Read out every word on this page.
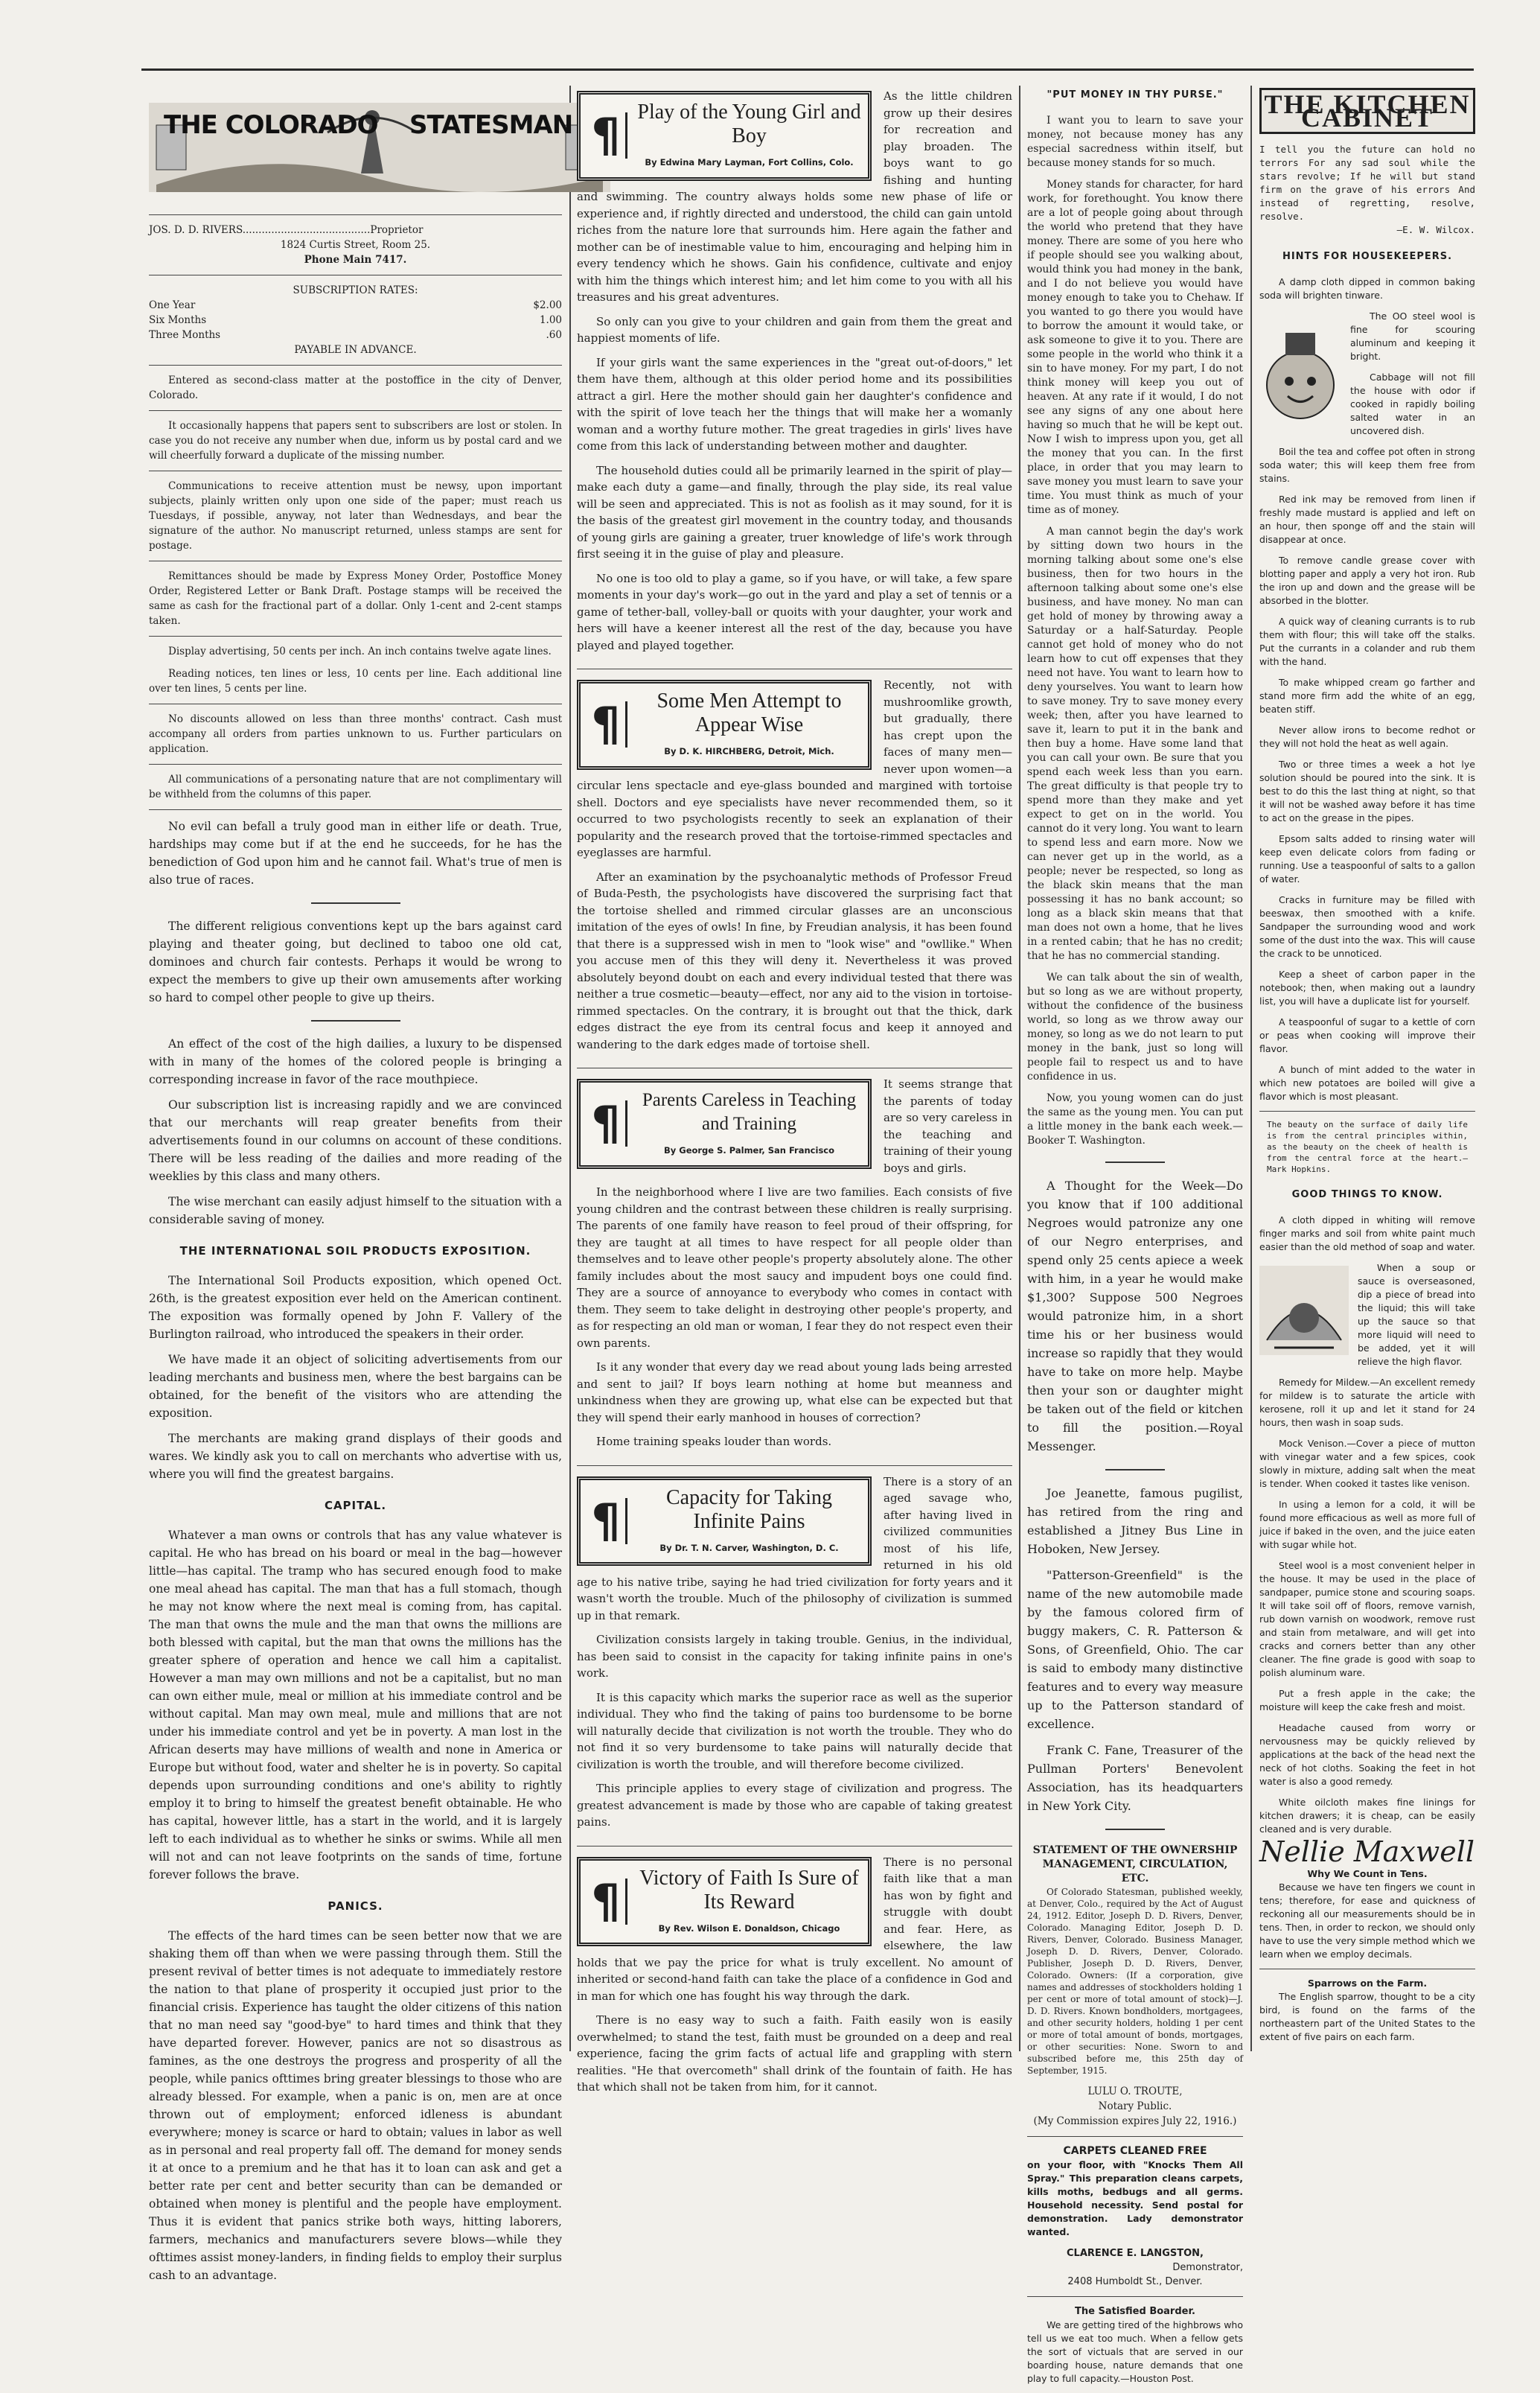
THE COLORADO STATESMAN
JOS. D. D. RIVERS........................................Proprietor
1824 Curtis Street, Room 25.
Phone Main 7417.
SUBSCRIPTION RATES:
One Year	$2.00
Six Months	1.00
Three Months	.60
PAYABLE IN ADVANCE.

Entered as second-class matter at the postoffice in the city of Denver, Colorado.

It occasionally happens that papers sent to subscribers are lost or stolen. In case you do not receive any number when due, inform us by postal card and we will cheerfully forward a duplicate of the missing number.

Communications to receive attention must be newsy, upon important subjects, plainly written only upon one side of the paper; must reach us Tuesdays, if possible, anyway, not later than Wednesdays, and bear the signature of the author. No manuscript returned, unless stamps are sent for postage.

Remittances should be made by Express Money Order, Postoffice Money Order, Registered Letter or Bank Draft. Postage stamps will be received the same as cash for the fractional part of a dollar. Only 1-cent and 2-cent stamps taken.

Display advertising, 50 cents per inch. An inch contains twelve agate lines.

Reading notices, ten lines or less, 10 cents per line. Each additional line over ten lines, 5 cents per line.

No discounts allowed on less than three months' contract. Cash must accompany all orders from parties unknown to us. Further particulars on application.

All communications of a personating nature that are not complimentary will be withheld from the columns of this paper.

No evil can befall a truly good man in either life or death. True, hardships may come but if at the end he succeeds, for he has the benediction of God upon him and he cannot fail. What's true of men is also true of races.

The different religious conventions kept up the bars against card playing and theater going, but declined to taboo one old cat, dominoes and church fair contests. Perhaps it would be wrong to expect the members to give up their own amusements after working so hard to compel other people to give up theirs.

An effect of the cost of the high dailies, a luxury to be dispensed with in many of the homes of the colored people is bringing a corresponding increase in favor of the race mouthpiece.

Our subscription list is increasing rapidly and we are convinced that our merchants will reap greater benefits from their advertisements found in our columns on account of these conditions. There will be less reading of the dailies and more reading of the weeklies by this class and many others.

The wise merchant can easily adjust himself to the situation with a considerable saving of money.

THE INTERNATIONAL SOIL PRODUCTS EXPOSITION.

The International Soil Products exposition, which opened Oct. 26th, is the greatest exposition ever held on the American continent. The exposition was formally opened by John F. Vallery of the Burlington railroad, who introduced the speakers in their order.

We have made it an object of soliciting advertisements from our leading merchants and business men, where the best bargains can be obtained, for the benefit of the visitors who are attending the exposition.

The merchants are making grand displays of their goods and wares. We kindly ask you to call on merchants who advertise with us, where you will find the greatest bargains.

CAPITAL.

Whatever a man owns or controls that has any value whatever is capital. He who has bread on his board or meal in the bag—however little—has capital. The tramp who has secured enough food to make one meal ahead has capital. The man that has a full stomach, though he may not know where the next meal is coming from, has capital. The man that owns the mule and the man that owns the millions are both blessed with capital, but the man that owns the millions has the greater sphere of operation and hence we call him a capitalist. However a man may own millions and not be a capitalist, but no man can own either mule, meal or million at his immediate control and be without capital. Man may own meal, mule and millions that are not under his immediate control and yet be in poverty. A man lost in the African deserts may have millions of wealth and none in America or Europe but without food, water and shelter he is in poverty. So capital depends upon surrounding conditions and one's ability to rightly employ it to bring to himself the greatest benefit obtainable. He who has capital, however little, has a start in the world, and it is largely left to each individual as to whether he sinks or swims. While all men will not and can not leave footprints on the sands of time, fortune forever follows the brave.

PANICS.

The effects of the hard times can be seen better now that we are shaking them off than when we were passing through them. Still the present revival of better times is not adequate to immediately restore the nation to that plane of prosperity it occupied just prior to the financial crisis. Experience has taught the older citizens of this nation that no man need say "good-bye" to hard times and think that they have departed forever. However, panics are not so disastrous as famines, as the one destroys the progress and prosperity of all the people, while panics ofttimes bring greater blessings to those who are already blessed. For example, when a panic is on, men are at once thrown out of employment; enforced idleness is abundant everywhere; money is scarce or hard to obtain; values in labor as well as in personal and real property fall off. The demand for money sends it at once to a premium and he that has it to loan can ask and get a better rate per cent and better security than can be demanded or obtained when money is plentiful and the people have employment. Thus it is evident that panics strike both ways, hitting laborers, farmers, mechanics and manufacturers severe blows—while they ofttimes assist money-landers, in finding fields to employ their surplus cash to an advantage.

¶ Play of the Young Girl and Boy
By Edwina Mary Layman, Fort Collins, Colo.

As the little children grow up their desires for recreation and play broaden. The boys want to go fishing and hunting and swimming. The country always holds some new phase of life or experience and, if rightly directed and understood, the child can gain untold riches from the nature lore that surrounds him. Here again the father and mother can be of inestimable value to him, encouraging and helping him in every tendency which he shows. Gain his confidence, cultivate and enjoy with him the things which interest him; and let him come to you with all his treasures and his great adventures.

So only can you give to your children and gain from them the great and happiest moments of life.

If your girls want the same experiences in the "great out-of-doors," let them have them, although at this older period home and its possibilities attract a girl. Here the mother should gain her daughter's confidence and with the spirit of love teach her the things that will make her a womanly woman and a worthy future mother. The great tragedies in girls' lives have come from this lack of understanding between mother and daughter.

The household duties could all be primarily learned in the spirit of play—make each duty a game—and finally, through the play side, its real value will be seen and appreciated. This is not as foolish as it may sound, for it is the basis of the greatest girl movement in the country today, and thousands of young girls are gaining a greater, truer knowledge of life's work through first seeing it in the guise of play and pleasure.

No one is too old to play a game, so if you have, or will take, a few spare moments in your day's work—go out in the yard and play a set of tennis or a game of tether-ball, volley-ball or quoits with your daughter, your work and hers will have a keener interest all the rest of the day, because you have played and played together.

¶	Some Men Attempt to Appear Wise
By D. K. HIRCHBERG, Detroit, Mich.

Recently, not with mushroomlike growth, but gradually, there has crept upon the faces of many men—never upon women—a circular lens spectacle and eye-glass bounded and margined with tortoise shell. Doctors and eye specialists have never recommended them, so it occurred to two psychologists recently to seek an explanation of their popularity and the research proved that the tortoise-rimmed spectacles and eyeglasses are harmful.

After an examination by the psychoanalytic methods of Professor Freud of Buda-Pesth, the psychologists have discovered the surprising fact that the tortoise shelled and rimmed circular glasses are an unconscious imitation of the eyes of owls! In fine, by Freudian analysis, it has been found that there is a suppressed wish in men to "look wise" and "owllike." When you accuse men of this they will deny it. Nevertheless it was proved absolutely beyond doubt on each and every individual tested that there was neither a true cosmetic—beauty—effect, nor any aid to the vision in tortoise-rimmed spectacles. On the contrary, it is brought out that the thick, dark edges distract the eye from its central focus and keep it annoyed and wandering to the dark edges made of tortoise shell.

¶	Parents Careless in Teaching and Training
By George S. Palmer, San Francisco

It seems strange that the parents of today are so very careless in the teaching and training of their young boys and girls.

In the neighborhood where I live are two families. Each consists of five young children and the contrast between these children is really surprising. The parents of one family have reason to feel proud of their offspring, for they are taught at all times to have respect for all people older than themselves and to leave other people's property absolutely alone. The other family includes about the most saucy and impudent boys one could find. They are a source of annoyance to everybody who comes in contact with them. They seem to take delight in destroying other people's property, and as for respecting an old man or woman, I fear they do not respect even their own parents.

Is it any wonder that every day we read about young lads being arrested and sent to jail? If boys learn nothing at home but meanness and unkindness when they are growing up, what else can be expected but that they will spend their early manhood in houses of correction?

Home training speaks louder than words.

¶	Capacity for Taking Infinite Pains
By Dr. T. N. Carver, Washington, D. C.

There is a story of an aged savage who, after having lived in civilized communities most of his life, returned in his old age to his native tribe, saying he had tried civilization for forty years and it wasn't worth the trouble. Much of the philosophy of civilization is summed up in that remark.

Civilization consists largely in taking trouble. Genius, in the individual, has been said to consist in the capacity for taking infinite pains in one's work.

It is this capacity which marks the superior race as well as the superior individual. They who find the taking of pains too burdensome to be borne will naturally decide that civilization is not worth the trouble. They who do not find it so very burdensome to take pains will naturally decide that civilization is worth the trouble, and will therefore become civilized.

This principle applies to every stage of civilization and progress. The greatest advancement is made by those who are capable of taking greatest pains.

¶ Victory of Faith Is Sure of Its Reward
By Rev. Wilson E. Donaldson, Chicago

There is no personal faith like that a man has won by fight and struggle with doubt and fear. Here, as elsewhere, the law holds that we pay the price for what is truly excellent. No amount of inherited or second-hand faith can take the place of a confidence in God and in man for which one has fought his way through the dark.

There is no easy way to such a faith. Faith easily won is easily overwhelmed; to stand the test, faith must be grounded on a deep and real experience, facing the grim facts of actual life and grappling with stern realities. "He that overcometh" shall drink of the fountain of faith. He has that which shall not be taken from him, for it cannot.

"PUT MONEY IN THY PURSE."

I want you to learn to save your money, not because money has any especial sacredness within itself, but because money stands for so much.

Money stands for character, for hard work, for forethought. You know there are a lot of people going about through the world who pretend that they have money. There are some of you here who if people should see you walking about, would think you had money in the bank, and I do not believe you would have money enough to take you to Chehaw. If you wanted to go there you would have to borrow the amount it would take, or ask someone to give it to you. There are some people in the world who think it a sin to have money. For my part, I do not think money will keep you out of heaven. At any rate if it would, I do not see any signs of any one about here having so much that he will be kept out. Now I wish to impress upon you, get all the money that you can. In the first place, in order that you may learn to save money you must learn to save your time. You must think as much of your time as of money.

A man cannot begin the day's work by sitting down two hours in the morning talking about some one's else business, then for two hours in the afternoon talking about some one's else business, and have money. No man can get hold of money by throwing away a Saturday or a half-Saturday. People cannot get hold of money who do not learn how to cut off expenses that they need not have. You want to learn how to deny yourselves. You want to learn how to save money. Try to save money every week; then, after you have learned to save it, learn to put it in the bank and then buy a home. Have some land that you can call your own. Be sure that you spend each week less than you earn. The great difficulty is that people try to spend more than they make and yet expect to get on in the world. You cannot do it very long. You want to learn to spend less and earn more. Now we can never get up in the world, as a people; never be respected, so long as the black skin means that the man possessing it has no bank account; so long as a black skin means that that man does not own a home, that he lives in a rented cabin; that he has no credit; that he has no commercial standing.

We can talk about the sin of wealth, but so long as we are without property, without the confidence of the business world, so long as we throw away our money, so long as we do not learn to put money in the bank, just so long will people fail to respect us and to have confidence in us.

Now, you young women can do just the same as the young men. You can put a little money in the bank each week.—Booker T. Washington.

A Thought for the Week—Do you know that if 100 additional Negroes would patronize any one of our Negro enterprises, and spend only 25 cents apiece a week with him, in a year he would make $1,300? Suppose 500 Negroes would patronize him, in a short time his or her business would increase so rapidly that they would have to take on more help. Maybe then your son or daughter might be taken out of the field or kitchen to fill the position.—Royal Messenger.

Joe Jeanette, famous pugilist, has retired from the ring and established a Jitney Bus Line in Hoboken, New Jersey.

"Patterson-Greenfield" is the name of the new automobile made by the famous colored firm of buggy makers, C. R. Patterson & Sons, of Greenfield, Ohio. The car is said to embody many distinctive features and to every way measure up to the Patterson standard of excellence.

Frank C. Fane, Treasurer of the Pullman Porters' Benevolent Association, has its headquarters in New York City.

STATEMENT OF THE OWNERSHIP MANAGEMENT, CIRCULATION, ETC.

Of Colorado Statesman, published weekly, at Denver, Colo., required by the Act of August 24, 1912. Editor, Joseph D. D. Rivers, Denver, Colorado. Managing Editor, Joseph D. D. Rivers, Denver, Colorado. Business Manager, Joseph D. D. Rivers, Denver, Colorado. Publisher, Joseph D. D. Rivers, Denver, Colorado. Owners: (If a corporation, give names and addresses of stockholders holding 1 per cent or more of total amount of stock)—J. D. D. Rivers. Known bondholders, mortgagees, and other security holders, holding 1 per cent or more of total amount of bonds, mortgages, or other securities: None. Sworn to and subscribed before me, this 25th day of September, 1915.

LULU O. TROUTE,
Notary Public.
(My Commission expires July 22, 1916.)
CARPETS CLEANED FREE

on your floor, with "Knocks Them All Spray." This preparation cleans carpets, kills moths, bedbugs and all germs. Household necessity. Send postal for demonstration. Lady demonstrator wanted.

CLARENCE E. LANGSTON,
Demonstrator,
2408 Humboldt St., Denver.
The Satisfied Boarder.

We are getting tired of the highbrows who tell us we eat too much. When a fellow gets the sort of victuals that are served in our boarding house, nature demands that one play to full capacity.—Houston Post.

THE KITCHEN CABINET
I tell you the future can hold no terrors For any sad soul while the stars revolve; If he will but stand firm on the grave of his errors And instead of regretting, resolve, resolve.
—E. W. Wilcox.
HINTS FOR HOUSEKEEPERS.

A damp cloth dipped in common baking soda will brighten tinware.

The OO steel wool is fine for scouring aluminum and keeping it bright.

Cabbage will not fill the house with odor if cooked in rapidly boiling salted water in an uncovered dish.

Boil the tea and coffee pot often in strong soda water; this will keep them free from stains.

Red ink may be removed from linen if freshly made mustard is applied and left on an hour, then sponge off and the stain will disappear at once.

To remove candle grease cover with blotting paper and apply a very hot iron. Rub the iron up and down and the grease will be absorbed in the blotter.

A quick way of cleaning currants is to rub them with flour; this will take off the stalks. Put the currants in a colander and rub them with the hand.

To make whipped cream go farther and stand more firm add the white of an egg, beaten stiff.

Never allow irons to become redhot or they will not hold the heat as well again.

Two or three times a week a hot lye solution should be poured into the sink. It is best to do this the last thing at night, so that it will not be washed away before it has time to act on the grease in the pipes.

Epsom salts added to rinsing water will keep even delicate colors from fading or running. Use a teaspoonful of salts to a gallon of water.

Cracks in furniture may be filled with beeswax, then smoothed with a knife. Sandpaper the surrounding wood and work some of the dust into the wax. This will cause the crack to be unnoticed.

Keep a sheet of carbon paper in the notebook; then, when making out a laundry list, you will have a duplicate list for yourself.

A teaspoonful of sugar to a kettle of corn or peas when cooking will improve their flavor.

A bunch of mint added to the water in which new potatoes are boiled will give a flavor which is most pleasant.

The beauty on the surface of daily life is from the central principles within, as the beauty on the cheek of health is from the central force at the heart.—Mark Hopkins.
GOOD THINGS TO KNOW.

A cloth dipped in whiting will remove finger marks and soil from white paint much easier than the old method of soap and water.

When a soup or sauce is overseasoned, dip a piece of bread into the liquid; this will take up the sauce so that more liquid will need to be added, yet it will relieve the high flavor.

Remedy for Mildew.—An excellent remedy for mildew is to saturate the article with kerosene, roll it up and let it stand for 24 hours, then wash in soap suds.

Mock Venison.—Cover a piece of mutton with vinegar water and a few spices, cook slowly in mixture, adding salt when the meat is tender. When cooked it tastes like venison.

In using a lemon for a cold, it will be found more efficacious as well as more full of juice if baked in the oven, and the juice eaten with sugar while hot.

Steel wool is a most convenient helper in the house. It may be used in the place of sandpaper, pumice stone and scouring soaps. It will take soil off of floors, remove varnish, rub down varnish on woodwork, remove rust and stain from metalware, and will get into cracks and corners better than any other cleaner. The fine grade is good with soap to polish aluminum ware.

Put a fresh apple in the cake; the moisture will keep the cake fresh and moist.

Headache caused from worry or nervousness may be quickly relieved by applications at the back of the head next the neck of hot cloths. Soaking the feet in hot water is also a good remedy.

White oilcloth makes fine linings for kitchen drawers; it is cheap, can be easily cleaned and is very durable.

Nellie Maxwell
Why We Count in Tens.

Because we have ten fingers we count in tens; therefore, for ease and quickness of reckoning all our measurements should be in tens. Then, in order to reckon, we should only have to use the very simple method which we learn when we employ decimals.

Sparrows on the Farm.

The English sparrow, thought to be a city bird, is found on the farms of the northeastern part of the United States to the extent of five pairs on each farm.
